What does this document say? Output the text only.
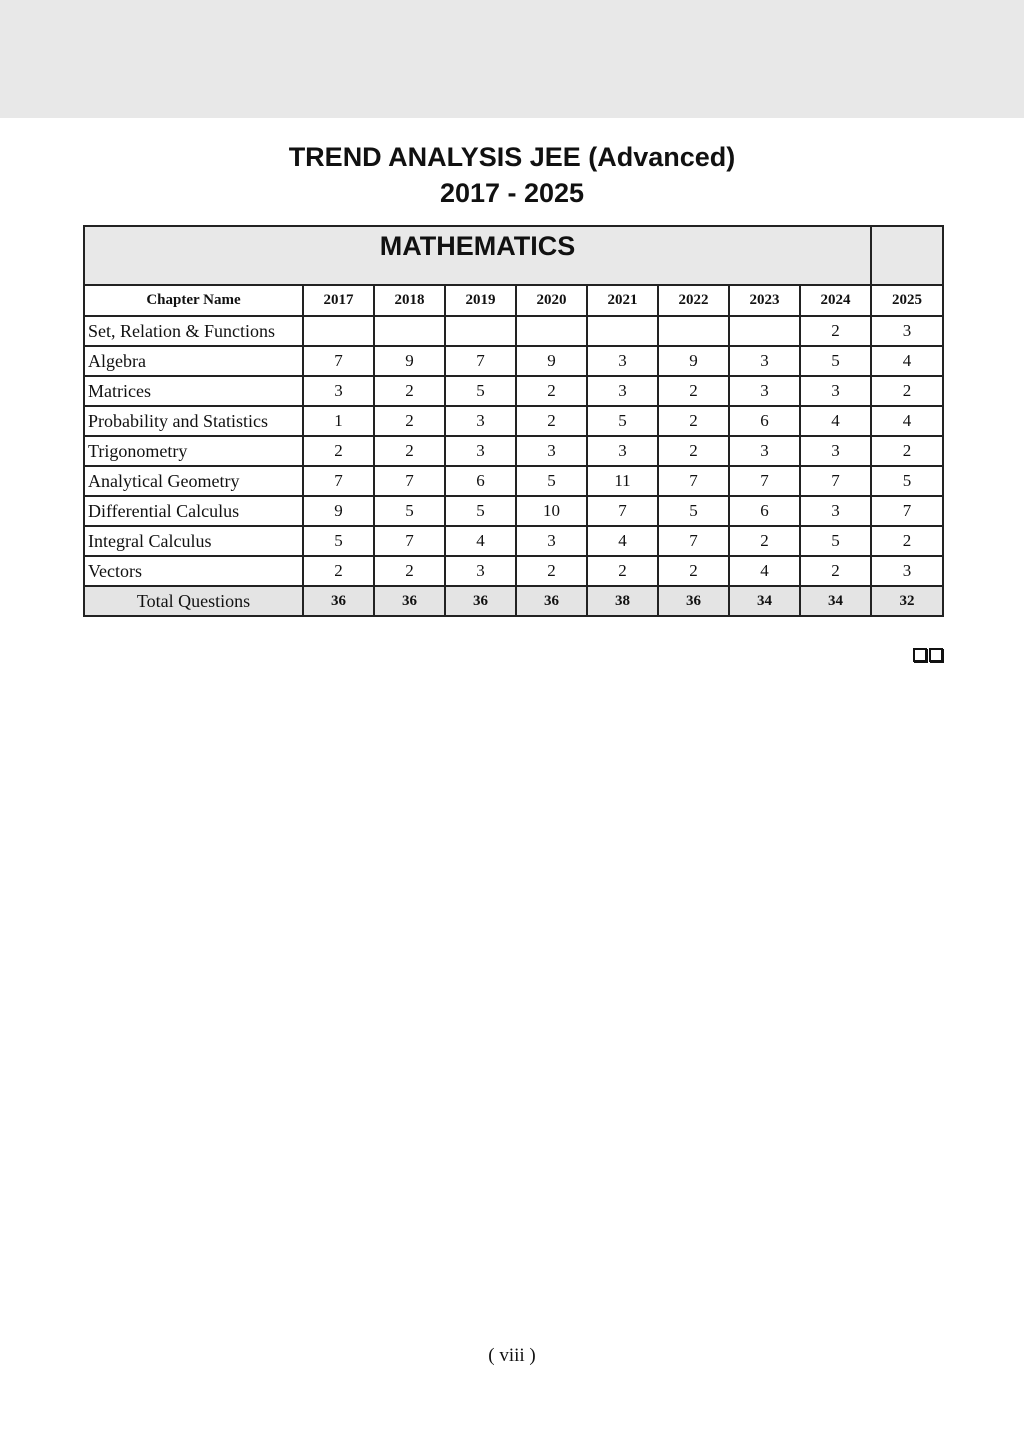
TREND ANALYSIS JEE (Advanced)
2017 - 2025
MATHEMATICS									

Chapter Name	2017	2018	2019	2020	2021	2022	2023	2024	2025
Set, Relation & Functions								2	3
Algebra	7	9	7	9	3	9	3	5	4
Matrices	3	2	5	2	3	2	3	3	2
Probability and Statistics	1	2	3	2	5	2	6	4	4
Trigonometry	2	2	3	3	3	2	3	3	2
Analytical Geometry	7	7	6	5	11	7	7	7	5
Differential Calculus	9	5	5	10	7	5	6	3	7
Integral Calculus	5	7	4	3	4	7	2	5	2
Vectors	2	2	3	2	2	2	4	2	3
Total Questions	36	36	36	36	38	36	34	34	32
( viii )
